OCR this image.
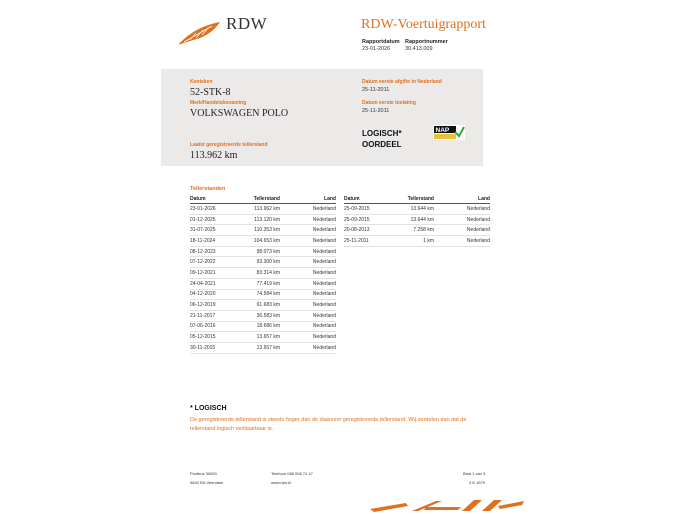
RDW	RDW-Voertuigrapport
Rapportdatum
23-01-2026
Rapportnummer
30.413.009
Kenteken
52-STK-8
Merk/Handelsbenaming
VOLKSWAGEN POLO
Laatst geregistreerde tellerstand
113.962 km
Datum eerste afgifte in Nederland
25-11-2011
Datum eerste toelating
25-11-2011
LOGISCH*
OORDEEL
NAP
Tellerstanden
Datum	Tellerstand	Land
23-01-2026	113.962 km	Nederland
01-12-2025	113.120 km	Nederland
31-07-2025	110.353 km	Nederland
18-11-2024	104.653 km	Nederland
08-12-2023	98.073 km	Nederland
07-12-2022	93.300 km	Nederland
09-12-2021	83.314 km	Nederland
24-04-2021	77.419 km	Nederland
04-12-2020	74.584 km	Nederland
06-12-2019	61.683 km	Nederland
21-11-2017	36.583 km	Nederland
07-06-2016	18.686 km	Nederland
05-12-2015	13.657 km	Nederland
30-11-2015	13.657 km	Nederland
Datum	Tellerstand	Land
25-09-2015	13.644 km	Nederland
25-09-2015	13.644 km	Nederland
20-08-2013	7.258 km	Nederland
25-11-2011	1 km	Nederland
* LOGISCH
De geregistreerde tellerstand is steeds hoger dan de daarvoor geregistreerde tellerstand. Wij oordelen dan dat de tellerstand logisch verklaarbaar is.
Postbus 30000
9640 RA Veendam
Telefoon 088 008 74 47
www.rdw.nl
Blad 1 van 3
3 E 1679
